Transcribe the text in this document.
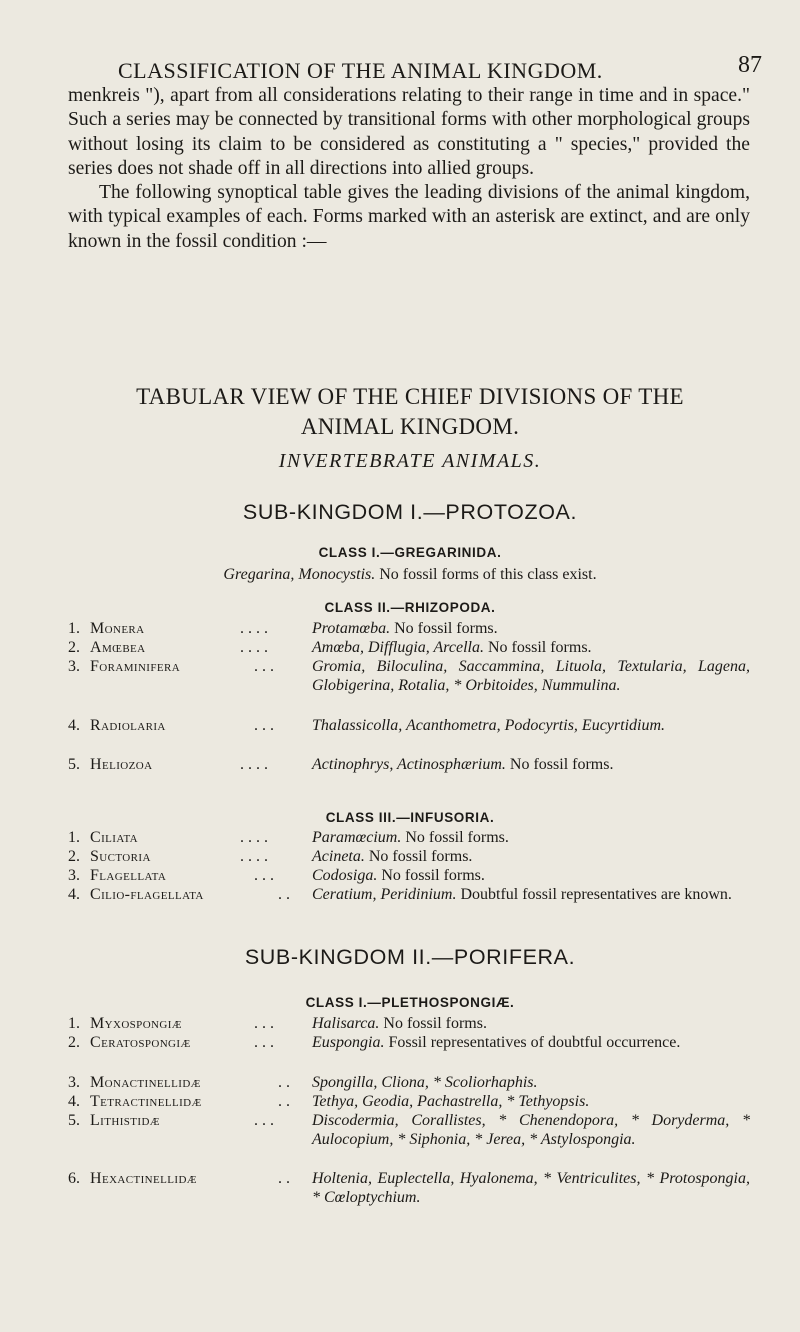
CLASSIFICATION OF THE ANIMAL KINGDOM.	87

menkreis "), apart from all considerations relating to their range in time and in space." Such a series may be connected by transitional forms with other morphological groups without losing its claim to be considered as constituting a " species," provided the series does not shade off in all directions into allied groups.

The following synoptical table gives the leading divisions of the animal kingdom, with typical examples of each. Forms marked with an asterisk are extinct, and are only known in the fossil condition :—

TABULAR VIEW OF THE CHIEF DIVISIONS OF THE
ANIMAL KINGDOM.
INVERTEBRATE ANIMALS.
SUB-KINGDOM I.—PROTOZOA.
CLASS I.—GREGARINIDA.
Gregarina, Monocystis. No fossil forms of this class exist.
CLASS II.—RHIZOPODA.
1. Monera	. . . .	Protamœba. No fossil forms.
2. Amœbea	. . . .	Amœba, Difflugia, Arcella. No fossil forms.
3. Foraminifera	. . . Gromia, Biloculina, Saccammina, Lituola, Textularia, Lagena, Globigerina, Rotalia, * Orbitoides, Nummulina.
4. Radiolaria	. . . Thalassicolla, Acanthometra, Podocyrtis, Eucyrtidium.
5. Heliozoa	. . . .	Actinophrys, Actinosphærium. No fossil forms.
CLASS III.—INFUSORIA.
1. Ciliata	. . . .	Paramœcium. No fossil forms.
2. Suctoria	. . . .	Acineta. No fossil forms.
3. Flagellata	. . . Codosiga. No fossil forms.
4. Cilio-flagellata	. . Ceratium, Peridinium. Doubtful fossil representatives are known.
SUB-KINGDOM II.—PORIFERA.
CLASS I.—PLETHOSPONGIÆ.
1. Myxospongiæ	. . . Halisarca. No fossil forms.
2. Ceratospongiæ	. . . Euspongia. Fossil representatives of doubtful occurrence.
3. Monactinellidæ	. . Spongilla, Cliona, * Scoliorhaphis.
4. Tetractinellidæ	. . Tethya, Geodia, Pachastrella, * Tethyopsis.
5. Lithistidæ	. . . Discodermia, Corallistes, * Chenendopora, * Doryderma, * Aulocopium, * Siphonia, * Jerea, * Astylospongia.
6. Hexactinellidæ	. . Holtenia, Euplectella, Hyalonema, * Ventriculites, * Protospongia, * Cœloptychium.
